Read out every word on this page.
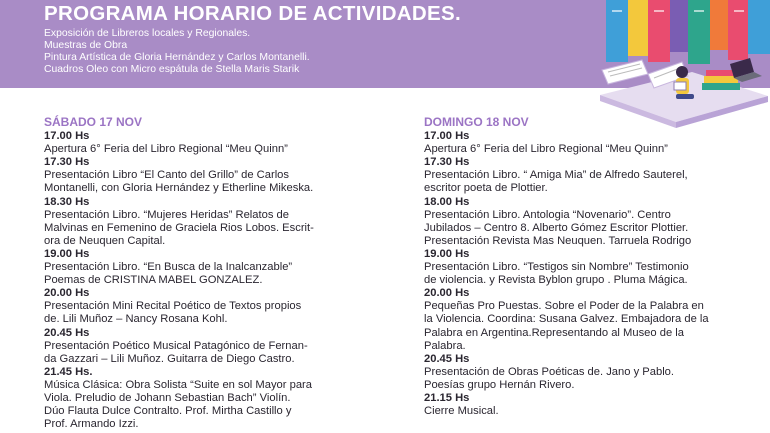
PROGRAMA HORARIO DE ACTIVIDADES.
Exposición de Libreros locales y Regionales.
Muestras de Obra
Pintura Artística de Gloria Hernández y Carlos Montanelli.
Cuadros Oleo con Micro espátula de Stella Maris Starik
SÁBADO 17 NOV
17.00 Hs
Apertura 6° Feria del Libro Regional “Meu Quinn”
17.30 Hs
Presentación Libro “El Canto del Grillo” de Carlos
Montanelli, con Gloria Hernández y Etherline Mikeska.
18.30 Hs
Presentación Libro. “Mujeres Heridas” Relatos de
Malvinas en Femenino de Graciela Rios Lobos. Escrit-
ora de Neuquen Capital.
19.00 Hs
Presentación Libro. “En Busca de la Inalcanzable”
Poemas de CRISTINA MABEL GONZALEZ.
20.00 Hs
Presentación Mini Recital Poético de Textos propios
de. Lili Muñoz – Nancy Rosana Kohl.
20.45 Hs
Presentación Poético Musical Patagónico de Fernan-
da Gazzari – Lili Muñoz. Guitarra de Diego Castro.
21.45 Hs.
Música Clásica: Obra Solista “Suite en sol Mayor para
Viola. Preludio de Johann Sebastian Bach” Violín.
Dúo Flauta Dulce Contralto. Prof. Mirtha Castillo y
Prof. Armando Izzi.
DOMINGO 18 NOV
17.00 Hs
Apertura 6° Feria del Libro Regional “Meu Quinn”
17.30 Hs
Presentación Libro. “ Amiga Mia” de Alfredo Sauterel,
escritor poeta de Plottier.
18.00 Hs
Presentación Libro. Antologia “Novenario”. Centro
Jubilados – Centro 8. Alberto Gómez Escritor Plottier.
Presentación Revista Mas Neuquen. Tarruela Rodrigo
19.00 Hs
Presentación Libro. “Testigos sin Nombre” Testimonio
de violencia. y Revista Byblon grupo . Pluma Mágica.
20.00 Hs
Pequeñas Pro Puestas. Sobre el Poder de la Palabra en
la Violencia. Coordina: Susana Galvez. Embajadora de la
Palabra en Argentina.Representando al Museo de la
Palabra.
20.45 Hs
Presentación de Obras Poéticas de. Jano y Pablo.
Poesías grupo Hernán Rivero.
21.15 Hs
Cierre Musical.
